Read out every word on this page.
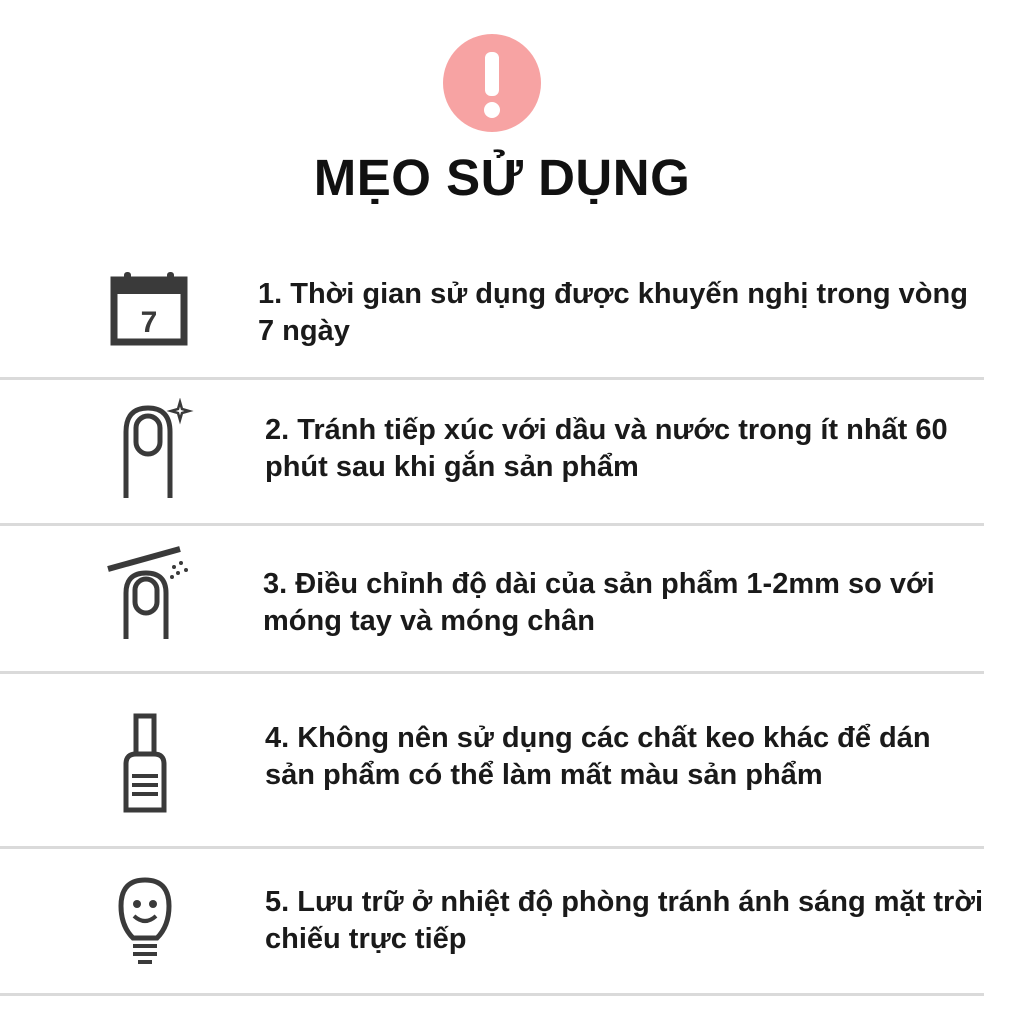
MẸO SỬ DỤNG
7
1. Thời gian sử dụng được khuyến nghị trong vòng 7 ngày
2. Tránh tiếp xúc với dầu và nước trong ít nhất 60 phút sau khi gắn sản phẩm
3. Điều chỉnh độ dài của sản phẩm 1-2mm so với móng tay và móng chân
4. Không nên sử dụng các chất keo khác để dán sản phẩm có thể làm mất màu sản phẩm
5. Lưu trữ ở nhiệt độ phòng tránh ánh sáng mặt trời chiếu trực tiếp
